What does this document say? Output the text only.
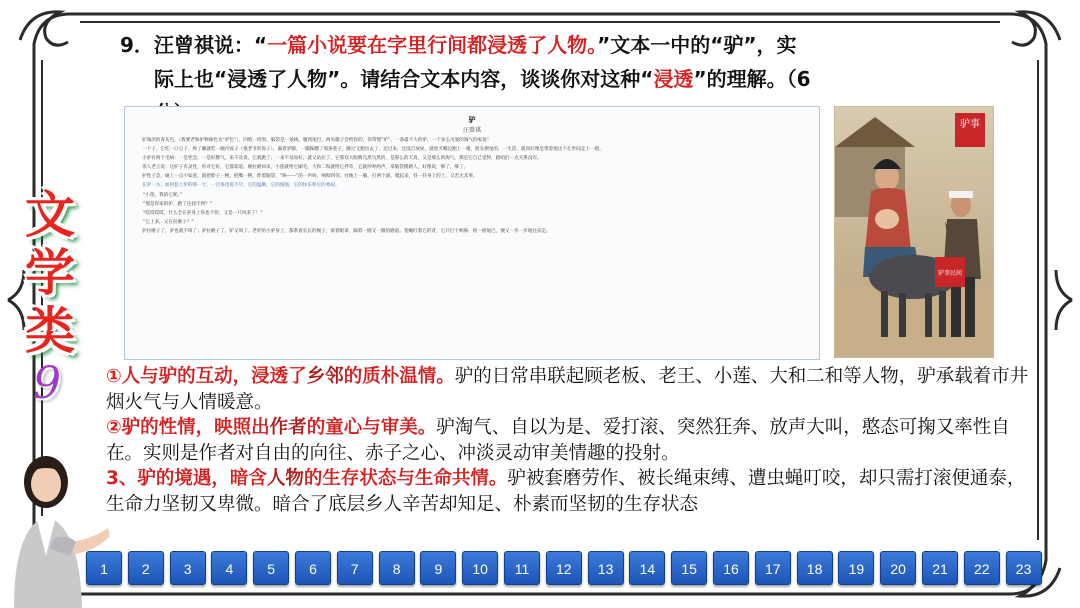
9．汪曾祺说：“一篇小说要在字里行间都浸透了人物。”文本一中的“驴”，实
际上也“浸透了人物”。请结合文本内容，谈谈你对这种“浸透”的理解。（6
驴
汪曾祺

驴淘淡的青灰色，（我要老和驴种颜色为“驴色”），四肢一班黑，脑袋是一条线，腹到尾巴，两头腿子会给你的，你常惯“驴”，一条最不大的驴，一个多么可爱的淘气的家伙！

一下子，它吃一口豆子，挨了睡就吃一碗内饭子（很老爷的饭子），漏着驴脚，一脚踩翻了那条巷子，跳过又跑出去了，还过来，还没自放屁，就放天哪边跑上一趟，摇头摆尾的，一生活，就真好像是带着他这个在世间走上一趟。

小驴有两个毛病：一是性急，一是好脾气。来不及说，它就跑了；一来不及说好，就又站住了。它那双大眼睛乌黑乌黑的，是那么的天真，又是那么的淘气，那是它自己觉得，跟咱们一点关系没有。

邻人老王说：这驴子有灵性，你对它好，它都知道。刚拉磨回来，小莲就给它刷毛，大和二和就给它拌草，它就哼哼两声，拿脑袋蹭蹭人，好像说，够了，够了。

驴性子急，碰上一点不如意，就把脖子一梗，把嘴一咧，仰着脑袋，“咴——”的一声叫，响彻四邻。往地上一躺，打两个滚，爬起来，抖一抖身上的土，又若无其事。

在驴一方，如何套上驴的那一天，一百条也说不尽，它的温顺，它的倔强，它的快乐和它的委屈。

“小莲，我的它呢。”

“那是你家的驴，跑了还找不到？”

“哎哎哎哎，什么全在驴身上你也不管，又是一只风来了！”

“它上来，又在拉磨子？”

驴拉磨子了，驴也就不叫了；驴拉磨子了，驴又叫了。老驴的小驴身上，都系着长长的绳子，蒙着眼罩，踩着一圈又一圈的磨道。苍蝇叮着它的背，它只打个响鼻，摇一摇尾巴，便又一步一步地往前走。

驴事
驴事民间
文
学
类
9 ①人与驴的互动，浸透了乡邻的质朴温情。驴的日常串联起顾老板、老王、小莲、大和二和等人物，驴承载着市井烟火气与人情暖意。

②驴的性情，映照出作者的童心与审美。驴淘气、自以为是、爱打滚、突然狂奔、放声大叫，憨态可掬又率性自在。实则是作者对自由的向往、赤子之心、冲淡灵动审美情趣的投射。

3、驴的境遇，暗含人物的生存状态与生命共情。驴被套磨劳作、被长绳束缚、遭虫蝇叮咬，却只需打滚便通泰，生命力坚韧又卑微。暗合了底层乡人辛苦却知足、朴素而坚韧的生存状态

1	2	3	4	5	6	7	8	9	10	11	12	13	14	15	16	17	18	19	20	21	22	23
